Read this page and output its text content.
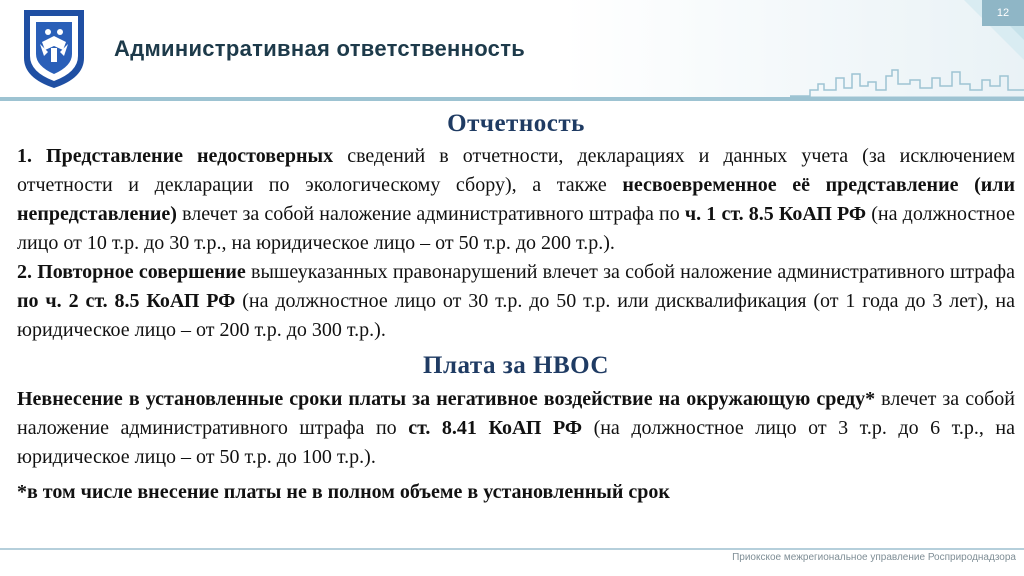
Административная ответственность
12
Отчетность

1. Представление недостоверных сведений в отчетности, декларациях и данных учета (за исключением отчетности и декларации по экологическому сбору), а также несвоевременное её представление (или непредставление) влечет за собой наложение административного штрафа по ч. 1 ст. 8.5 КоАП РФ (на должностное лицо от 10 т.р. до 30 т.р., на юридическое лицо – от 50 т.р. до 200 т.р.).

2. Повторное совершение вышеуказанных правонарушений влечет за собой наложение административного штрафа по ч. 2 ст. 8.5 КоАП РФ (на должностное лицо от 30 т.р. до 50 т.р. или дисквалификация (от 1 года до 3 лет), на юридическое лицо – от 200 т.р. до 300 т.р.).

Плата за НВОС

Невнесение в установленные сроки платы за негативное воздействие на окружающую среду* влечет за собой наложение административного штрафа по ст. 8.41 КоАП РФ (на должностное лицо от 3 т.р. до 6 т.р., на юридическое лицо – от 50 т.р. до 100 т.р.).

*в том числе внесение платы не в полном объеме в установленный срок

Приокское межрегиональное управление Росприроднадзора
